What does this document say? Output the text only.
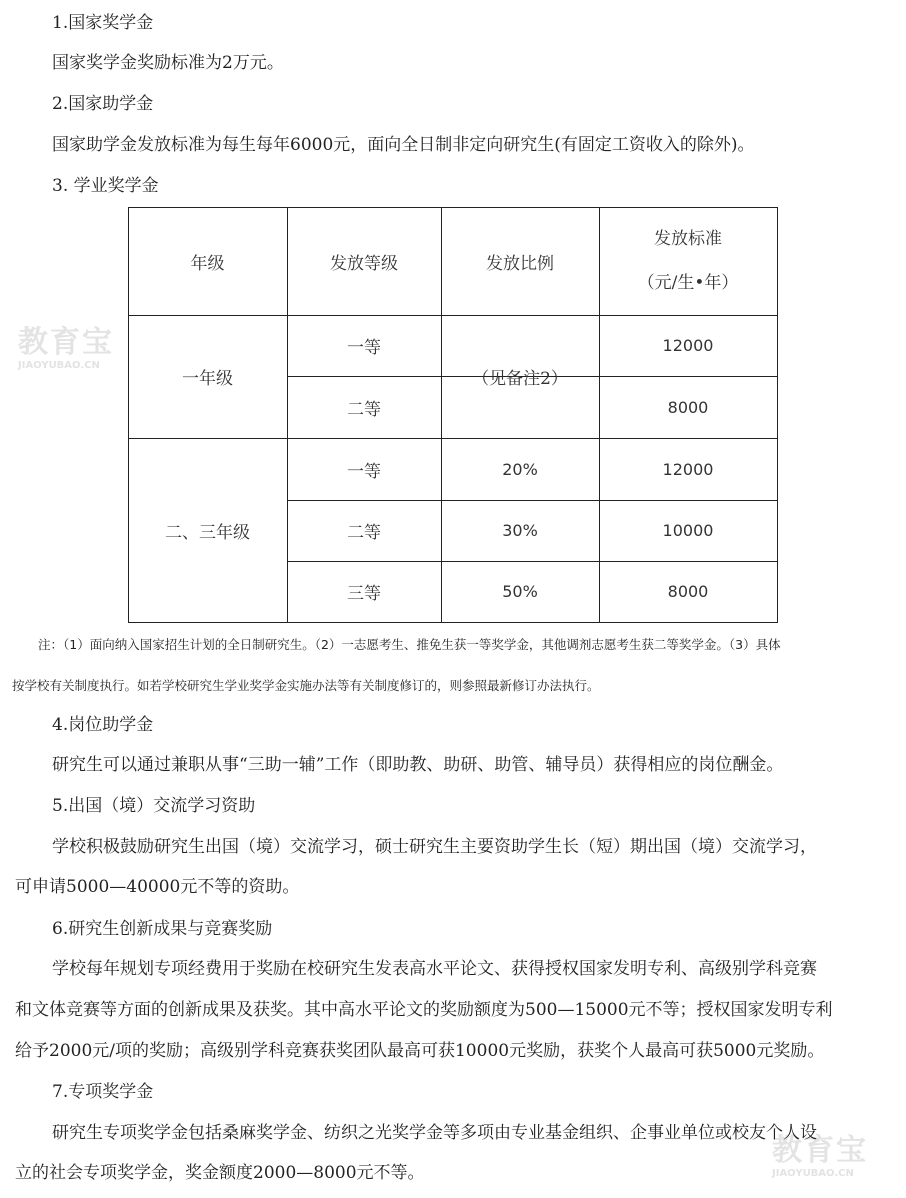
教育宝
JIAOYUBAO.CN
教育宝
JIAOYUBAO.CN
1.国家奖学金
国家奖学金奖励标准为2万元。
2.国家助学金
国家助学金发放标准为每生每年6000元，面向全日制非定向研究生(有固定工资收入的除外)。
3. 学业奖学金
年级	发放等级	发放比例
发放标准
（元/生•年）
一年级
一等
二等
（见备注2）
12000
8000
二、三年级
一等
二等
三等
20%
30%
50%
12000
10000
8000
注：（1）面向纳入国家招生计划的全日制研究生。（2）一志愿考生、推免生获一等奖学金，其他调剂志愿考生获二等奖学金。（3）具体
按学校有关制度执行。如若学校研究生学业奖学金实施办法等有关制度修订的，则参照最新修订办法执行。
4.岗位助学金
研究生可以通过兼职从事“三助一辅”工作（即助教、助研、助管、辅导员）获得相应的岗位酬金。
5.出国（境）交流学习资助
学校积极鼓励研究生出国（境）交流学习，硕士研究生主要资助学生长（短）期出国（境）交流学习，
可申请5000—40000元不等的资助。
6.研究生创新成果与竞赛奖励
学校每年规划专项经费用于奖励在校研究生发表高水平论文、获得授权国家发明专利、高级别学科竞赛
和文体竞赛等方面的创新成果及获奖。其中高水平论文的奖励额度为500—15000元不等；授权国家发明专利
给予2000元/项的奖励；高级别学科竞赛获奖团队最高可获10000元奖励，获奖个人最高可获5000元奖励。
7.专项奖学金
研究生专项奖学金包括桑麻奖学金、纺织之光奖学金等多项由专业基金组织、企事业单位或校友个人设
立的社会专项奖学金，奖金额度2000—8000元不等。
